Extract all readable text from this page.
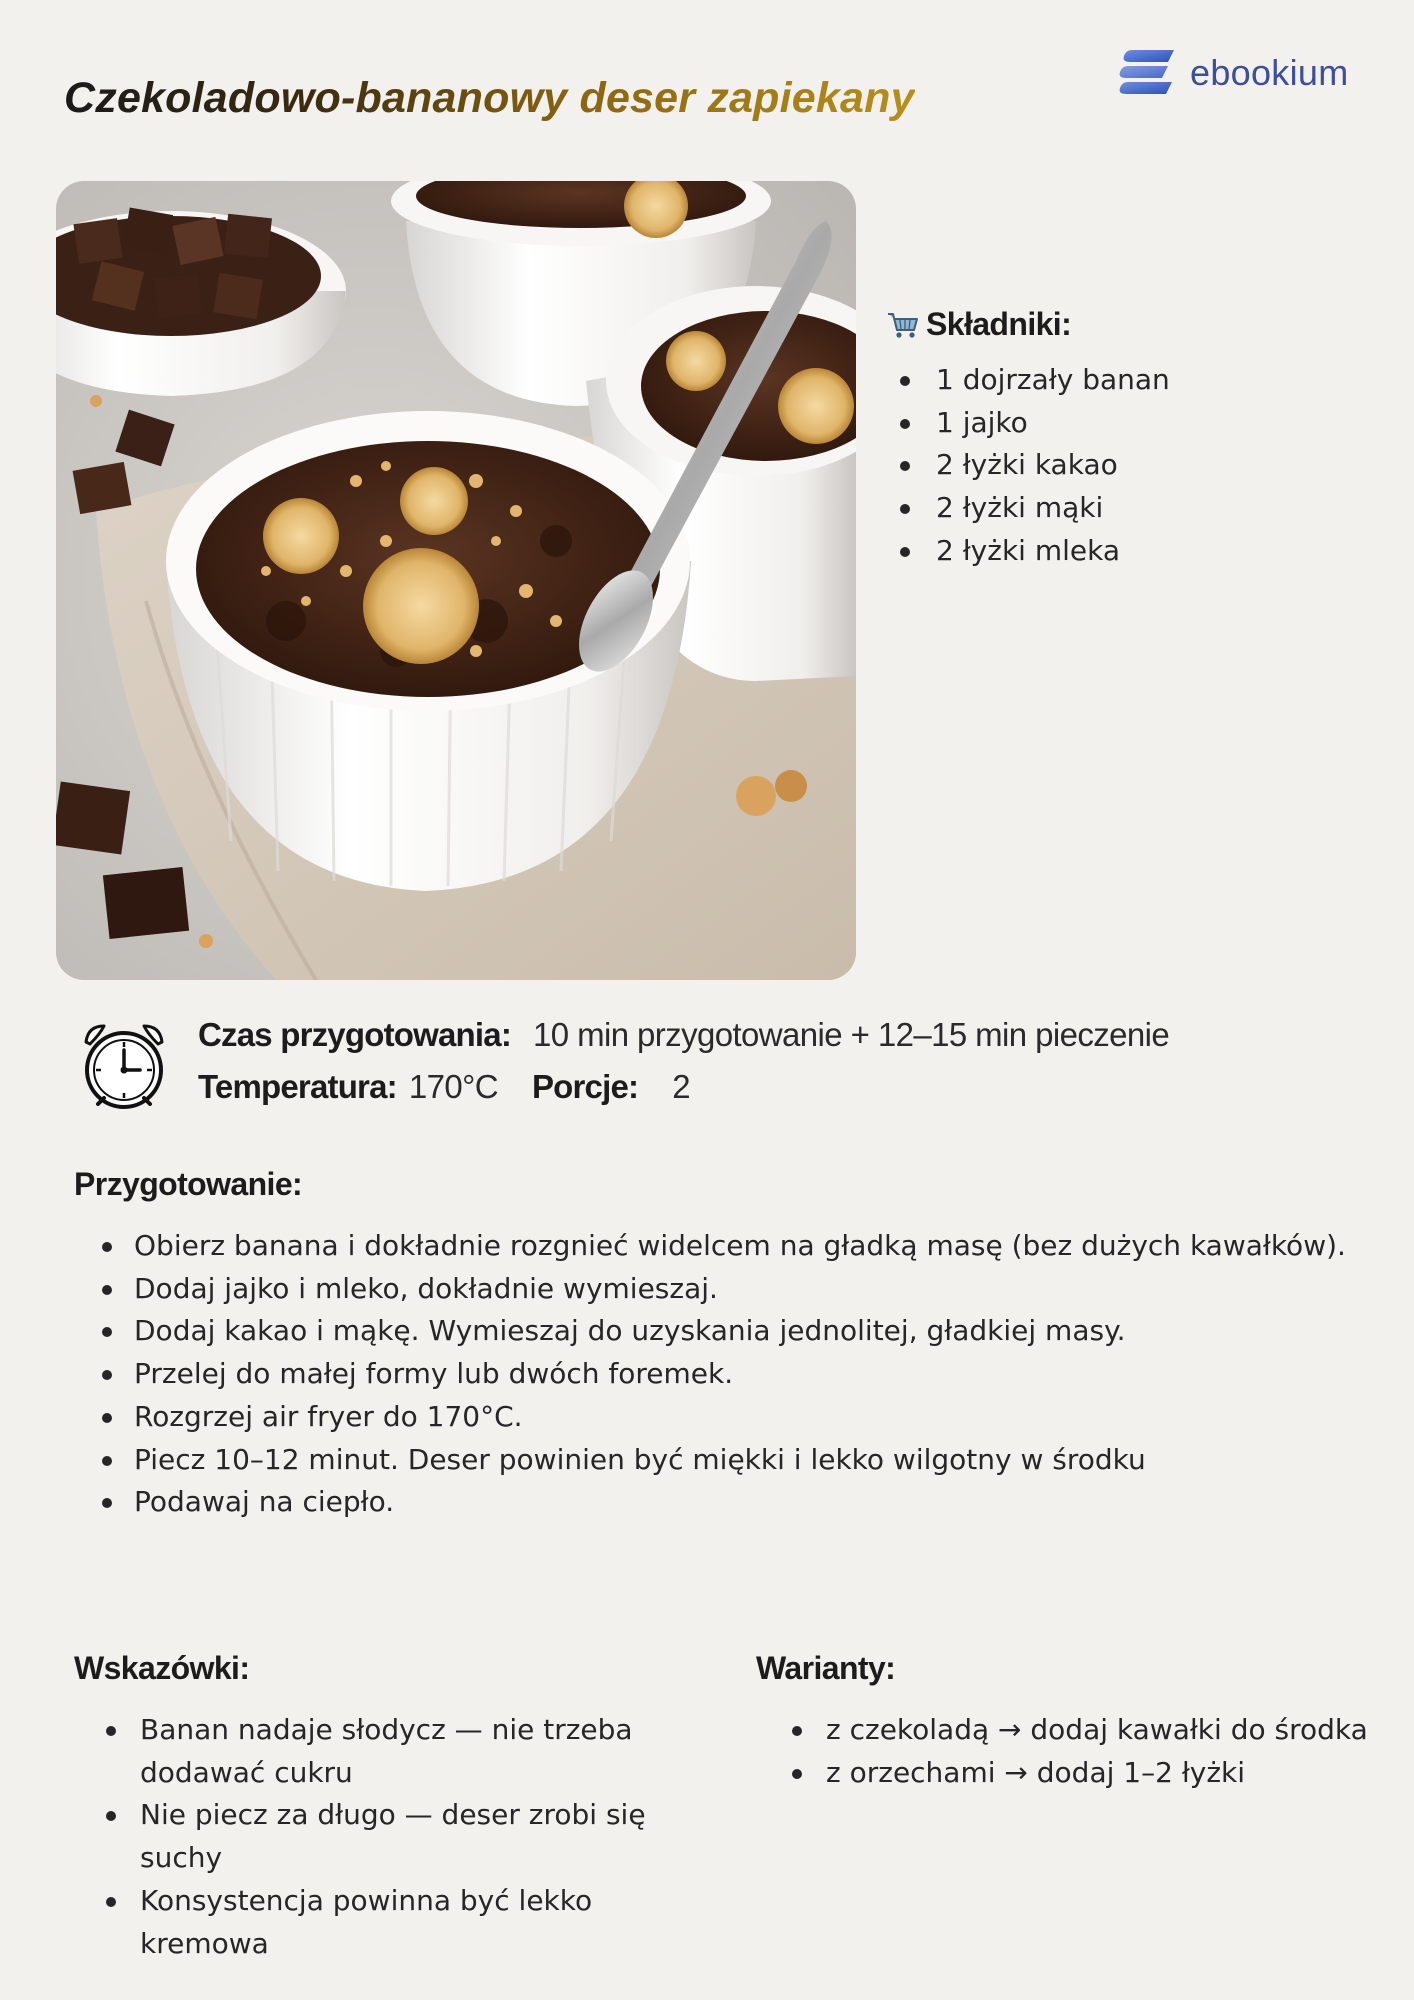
Czekoladowo-bananowy deser zapiekany
ebookium
Składniki:
1 dojrzały banan
1 jajko
2 łyżki kakao
2 łyżki mąki
2 łyżki mleka
Czas przygotowania: 10 min przygotowanie + 12–15 min pieczenie
Temperatura: 170°C Porcje: 2
Przygotowanie:
Obierz banana i dokładnie rozgnieć widelcem na gładką masę (bez dużych kawałków).
Dodaj jajko i mleko, dokładnie wymieszaj.
Dodaj kakao i mąkę. Wymieszaj do uzyskania jednolitej, gładkiej masy.
Przelej do małej formy lub dwóch foremek.
Rozgrzej air fryer do 170°C.
Piecz 10–12 minut. Deser powinien być miękki i lekko wilgotny w środku
Podawaj na ciepło.
Wskazówki:
Banan nadaje słodycz — nie trzeba dodawać cukru
Nie piecz za długo — deser zrobi się suchy
Konsystencja powinna być lekko kremowa
Warianty:
z czekoladą → dodaj kawałki do środka
z orzechami → dodaj 1–2 łyżki
